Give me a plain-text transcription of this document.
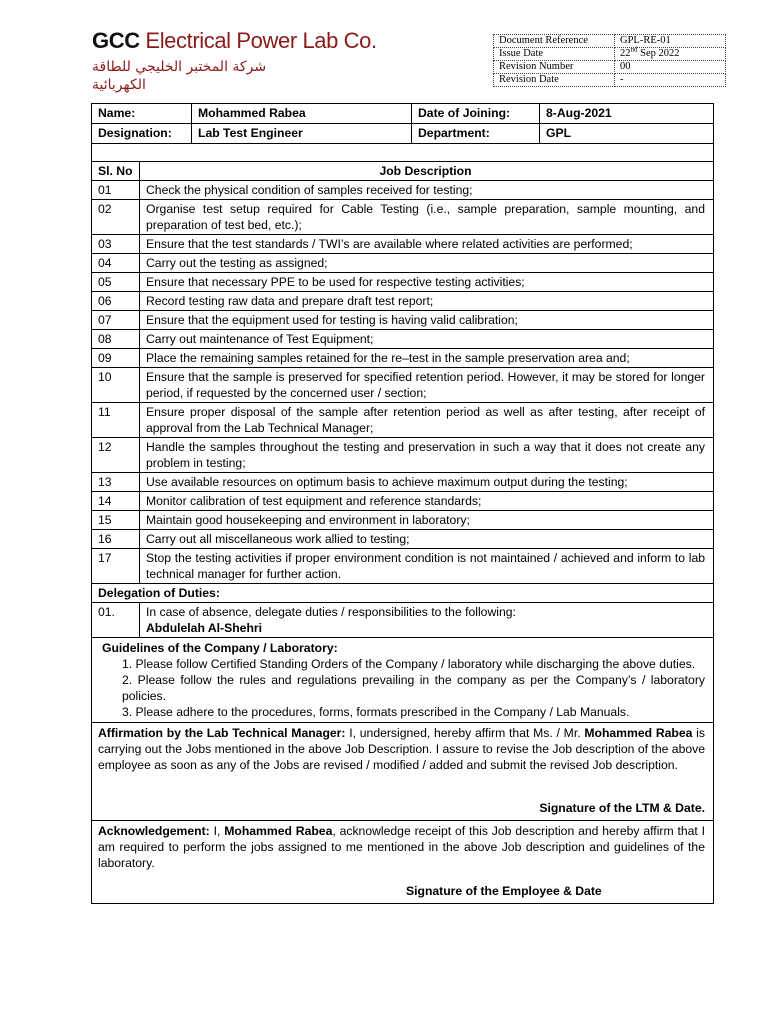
GCC Electrical Power Lab Co.
شركة المختبر الخليجي للطاقة الكهربائية
Document Reference	GPL-RE-01
Issue Date	22nd Sep 2022
Revision Number	00
Revision Date	-
Name:	Mohammed Rabea	Date of Joining:	8-Aug-2021
Designation:	Lab Test Engineer	Department:	GPL
Sl. No	Job Description
01	Check the physical condition of samples received for testing;
02	Organise test setup required for Cable Testing (i.e., sample preparation, sample mounting, and preparation of test bed, etc.);
03	Ensure that the test standards / TWI’s are available where related activities are performed;
04	Carry out the testing as assigned;
05	Ensure that necessary PPE to be used for respective testing activities;
06	Record testing raw data and prepare draft test report;
07	Ensure that the equipment used for testing is having valid calibration;
08	Carry out maintenance of Test Equipment;
09	Place the remaining samples retained for the re–test in the sample preservation area and;
10	Ensure that the sample is preserved for specified retention period. However, it may be stored for longer period, if requested by the concerned user / section;
11	Ensure proper disposal of the sample after retention period as well as after testing, after receipt of approval from the Lab Technical Manager;
12	Handle the samples throughout the testing and preservation in such a way that it does not create any problem in testing;
13	Use available resources on optimum basis to achieve maximum output during the testing;
14	Monitor calibration of test equipment and reference standards;
15	Maintain good housekeeping and environment in laboratory;
16	Carry out all miscellaneous work allied to testing;
17	Stop the testing activities if proper environment condition is not maintained / achieved and inform to lab technical manager for further action.
Delegation of Duties:
01.	In case of absence, delegate duties / responsibilities to the following:
Abdulelah Al-Shehri
Guidelines of the Company / Laboratory:
1. Please follow Certified Standing Orders of the Company / laboratory while discharging the above duties.
2. Please follow the rules and regulations prevailing in the company as per the Company’s / laboratory policies.
3. Please adhere to the procedures, forms, formats prescribed in the Company / Lab Manuals.
Affirmation by the Lab Technical Manager: I, undersigned, hereby affirm that Ms. / Mr. Mohammed Rabea is carrying out the Jobs mentioned in the above Job Description. I assure to revise the Job description of the above employee as soon as any of the Jobs are revised / modified / added and submit the revised Job description.
Signature of the LTM & Date.
Acknowledgement: I, Mohammed Rabea, acknowledge receipt of this Job description and hereby affirm that I am required to perform the jobs assigned to me mentioned in the above Job description and guidelines of the laboratory.
Signature of the Employee & Date
